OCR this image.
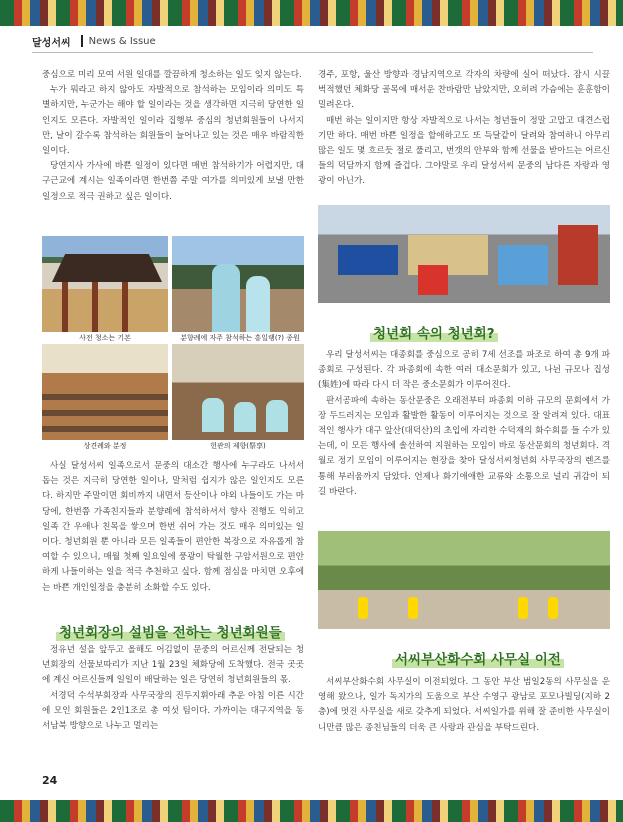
달성서씨	News & Issue

중심으로 미리 모여 서원 일대를 깔끔하게 청소하는 일도 잊지 않는다.

누가 뭐라고 하지 않아도 자발적으로 참석하는 모임이라 의미도 특별하지만, 누군가는 해야 할 일이라는 것을 생각하면 지극히 당연한 일인지도 모른다. 자발적인 일이라 집행부 중심의 청년회원들이 나서지만, 날이 갈수록 참석하는 회원들이 늘어나고 있는 것은 매우 바람직한 일이다.

당연지사 가사에 바쁜 일정이 있다면 매번 참석하기가 어렵지만, 대구근교에 계시는 일족이라면 한번쯤 주말 여가를 의미있게 보낼 만한 일정으로 적극 권하고 싶은 일이다.

사전 청소는 기본	분향례에 자주 참석하는 흥일랭(?) 종원
상견례와 분정	헌관의 제향(祭享)

사실 달성서씨 일족으로서 문중의 대소간 행사에 누구라도 나서서 돕는 것은 지극히 당연한 일이나, 말처럼 쉽지가 않은 일인지도 모른다. 하지만 주말이면 회비까지 내면서 등산이나 야외 나들이도 가는 마당에, 한번쯤 가족친지들과 분향례에 참석하셔서 향사 진행도 익히고 일족 간 우애나 친목을 쌓으며 한번 쉬어 가는 것도 매우 의미있는 일이다. 청년회원 뿐 아니라 모든 일족들이 편안한 복장으로 자유롭게 참여할 수 있으니, 매월 첫째 일요일에 풍광이 탁월한 구암서원으로 편안하게 나들이하는 일을 적극 추천하고 싶다. 함께 점심을 마치면 오후에는 바쁜 개인일정을 충분히 소화할 수도 있다.

청년회장의 설빔을 전하는 청년회원들

정유년 설을 앞두고 올해도 어김없이 문중의 어르신께 전달되는 청년회장의 선물보따리가 지난 1월 23일 체화당에 도착했다. 전국 곳곳에 계신 어르신들께 일일이 배달하는 일은 당연히 청년회원들의 몫.

서경덕 수석부회장과 사무국장의 진두지휘아래 추운 아침 이른 시간에 모인 회원들은 2인1조로 총 여섯 팀이다. 가까이는 대구지역을 동서남북 방향으로 나누고 멀리는

경주, 포항, 울산 방향과 경남지역으로 각자의 차량에 실어 떠났다. 잠시 시끌벅적했던 체화당 골목에 매서운 찬바람만 남았지만, 오히려 가슴에는 훈훈함이 밀려온다.

매번 하는 일이지만 항상 자발적으로 나서는 청년들이 정말 고맙고 대견스럽기만 하다. 매번 바쁜 일정을 할애하고도 또 득달같이 달려와 참여하니 아무리 많은 일도 몇 흐르듯 절로 풀리고, 번갯의 안부와 함께 선물을 받아드는 어르신들의 덕담까지 함께 즐겁다. 그야말로 우리 달성서씨 문중의 남다른 자랑과 영광이 아닌가.

청년회 속의 청년회?

우리 달성서씨는 대종회를 중심으로 공히 7세 선조를 파조로 하여 총 9개 파종회로 구성된다. 각 파종회에 속한 여러 대소문회가 있고, 나뉜 규모나 집성(集姓)에 따라 다시 더 작은 중소문회가 이루어진다.

판서공파에 속하는 동산문중은 오래전부터 파종회 이하 규모의 문회에서 가장 두드러지는 모임과 활발한 활동이 이루어지는 것으로 잘 알려져 있다. 대표적인 행사가 대구 앞산(대덕산)의 초입에 자리한 수덕재의 화수회를 들 수가 있는데, 이 모든 행사에 솔선하여 지원하는 모임이 바로 동산문회의 청년회다. 격월로 정기 모임이 이루어지는 현장을 찾아 달성서씨청년회 사무국장의 렌즈를 통해 부러움까지 담았다. 언제나 화기애애한 교류와 소통으로 널리 귀감이 되길 바란다.

서씨부산화수회 사무실 이전

서씨부산화수회 사무실이 이전되었다. 그 동안 부산 범일2동의 사무실을 운영해 왔으나, 일가 독지가의 도움으로 부산 수영구 광남로 포모나빌딩(지하 2층)에 멋진 사무실을 새로 갖추게 되었다. 서씨일가를 위해 잘 준비한 사무실이니만큼 많은 종친님들의 더욱 큰 사랑과 관심을 부탁드린다.

24
